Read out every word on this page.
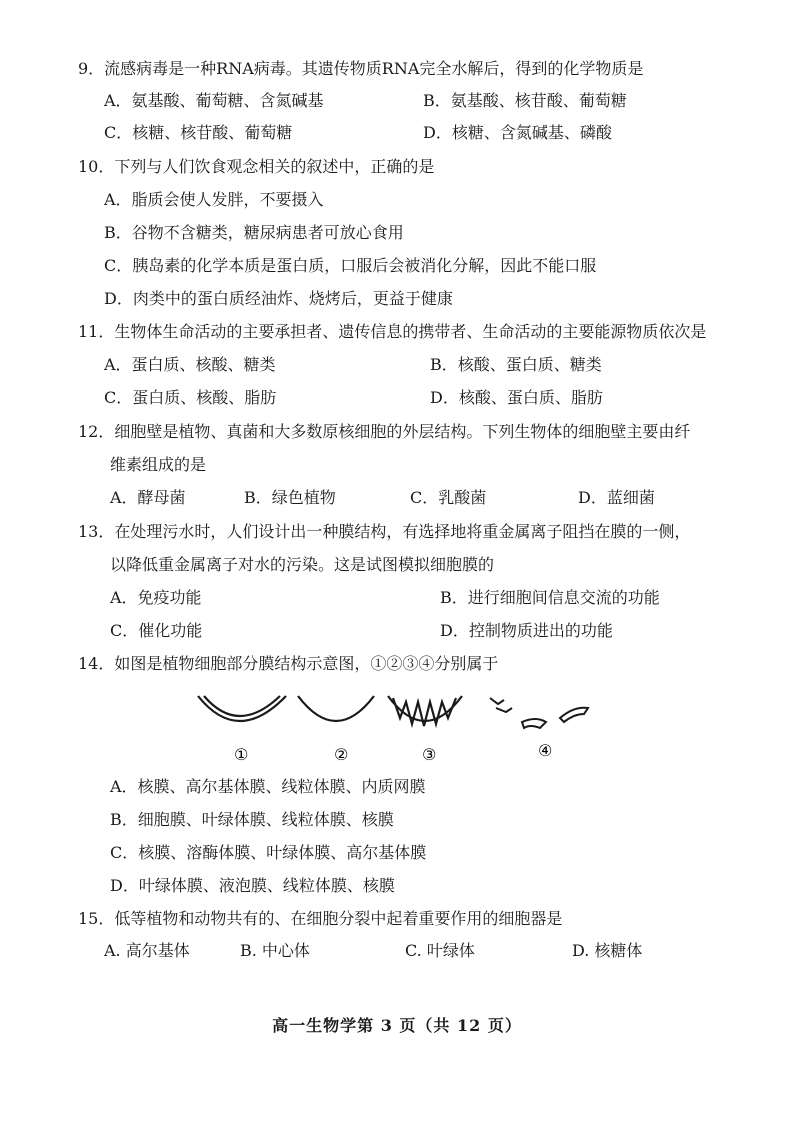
9．流感病毒是一种RNA病毒。其遗传物质RNA完全水解后，得到的化学物质是
A．氨基酸、葡萄糖、含氮碱基	B．氨基酸、核苷酸、葡萄糖
C．核糖、核苷酸、葡萄糖	D．核糖、含氮碱基、磷酸
10．下列与人们饮食观念相关的叙述中，正确的是
A．脂质会使人发胖，不要摄入
B．谷物不含糖类，糖尿病患者可放心食用
C．胰岛素的化学本质是蛋白质，口服后会被消化分解，因此不能口服
D．肉类中的蛋白质经油炸、烧烤后，更益于健康
11．生物体生命活动的主要承担者、遗传信息的携带者、生命活动的主要能源物质依次是
A．蛋白质、核酸、糖类	B．核酸、蛋白质、糖类
C．蛋白质、核酸、脂肪	D．核酸、蛋白质、脂肪
12．细胞壁是植物、真菌和大多数原核细胞的外层结构。下列生物体的细胞壁主要由纤
维素组成的是
A．酵母菌	B．绿色植物	C．乳酸菌	D．蓝细菌
13．在处理污水时，人们设计出一种膜结构，有选择地将重金属离子阻挡在膜的一侧，
以降低重金属离子对水的污染。这是试图模拟细胞膜的
A．免疫功能	B．进行细胞间信息交流的功能
C．催化功能	D．控制物质进出的功能
14．如图是植物细胞部分膜结构示意图，①②③④分别属于
①	②	③	④
A．核膜、高尔基体膜、线粒体膜、内质网膜
B．细胞膜、叶绿体膜、线粒体膜、核膜
C．核膜、溶酶体膜、叶绿体膜、高尔基体膜
D．叶绿体膜、液泡膜、线粒体膜、核膜
15．低等植物和动物共有的、在细胞分裂中起着重要作用的细胞器是
A. 高尔基体	B. 中心体	C. 叶绿体	D. 核糖体
高一生物学第 3 页（共 12 页）
